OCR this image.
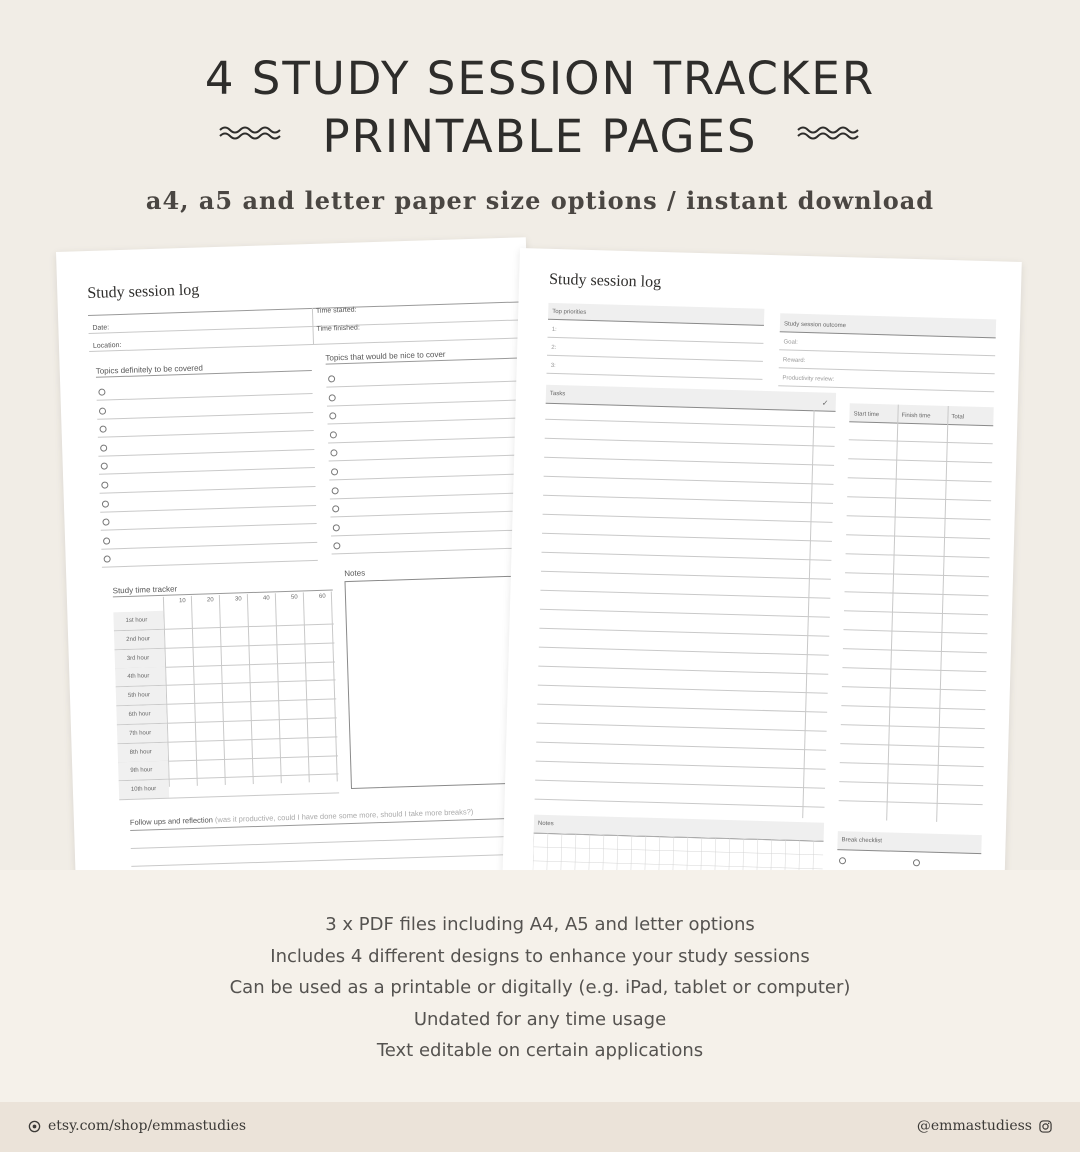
4 STUDY SESSION TRACKER
PRINTABLE PAGES
a4, a5 and letter paper size options / instant download
Study session log
Date:
Time started:
Location:
Time finished:
Topics definitely to be covered
Topics that would be nice to cover
Study time tracker
10	20	30	40	50	60
1st hour
2nd hour
3rd hour
4th hour
5th hour
6th hour
7th hour
8th hour
9th hour
10th hour
Notes
Follow ups and reflection (was it productive, could I have done some more, should I take more breaks?)
Study session log
Top priorities
1:
2:
3:
Study session outcome
Goal:
Reward:
Productivity review:
Tasks
✓
Start time	Finish time	Total
Notes
Break checklist
3 x PDF files including A4, A5 and letter options
Includes 4 different designs to enhance your study sessions
Can be used as a printable or digitally (e.g. iPad, tablet or computer)
Undated for any time usage
Text editable on certain applications
etsy.com/shop/emmastudies	@emmastudiess
